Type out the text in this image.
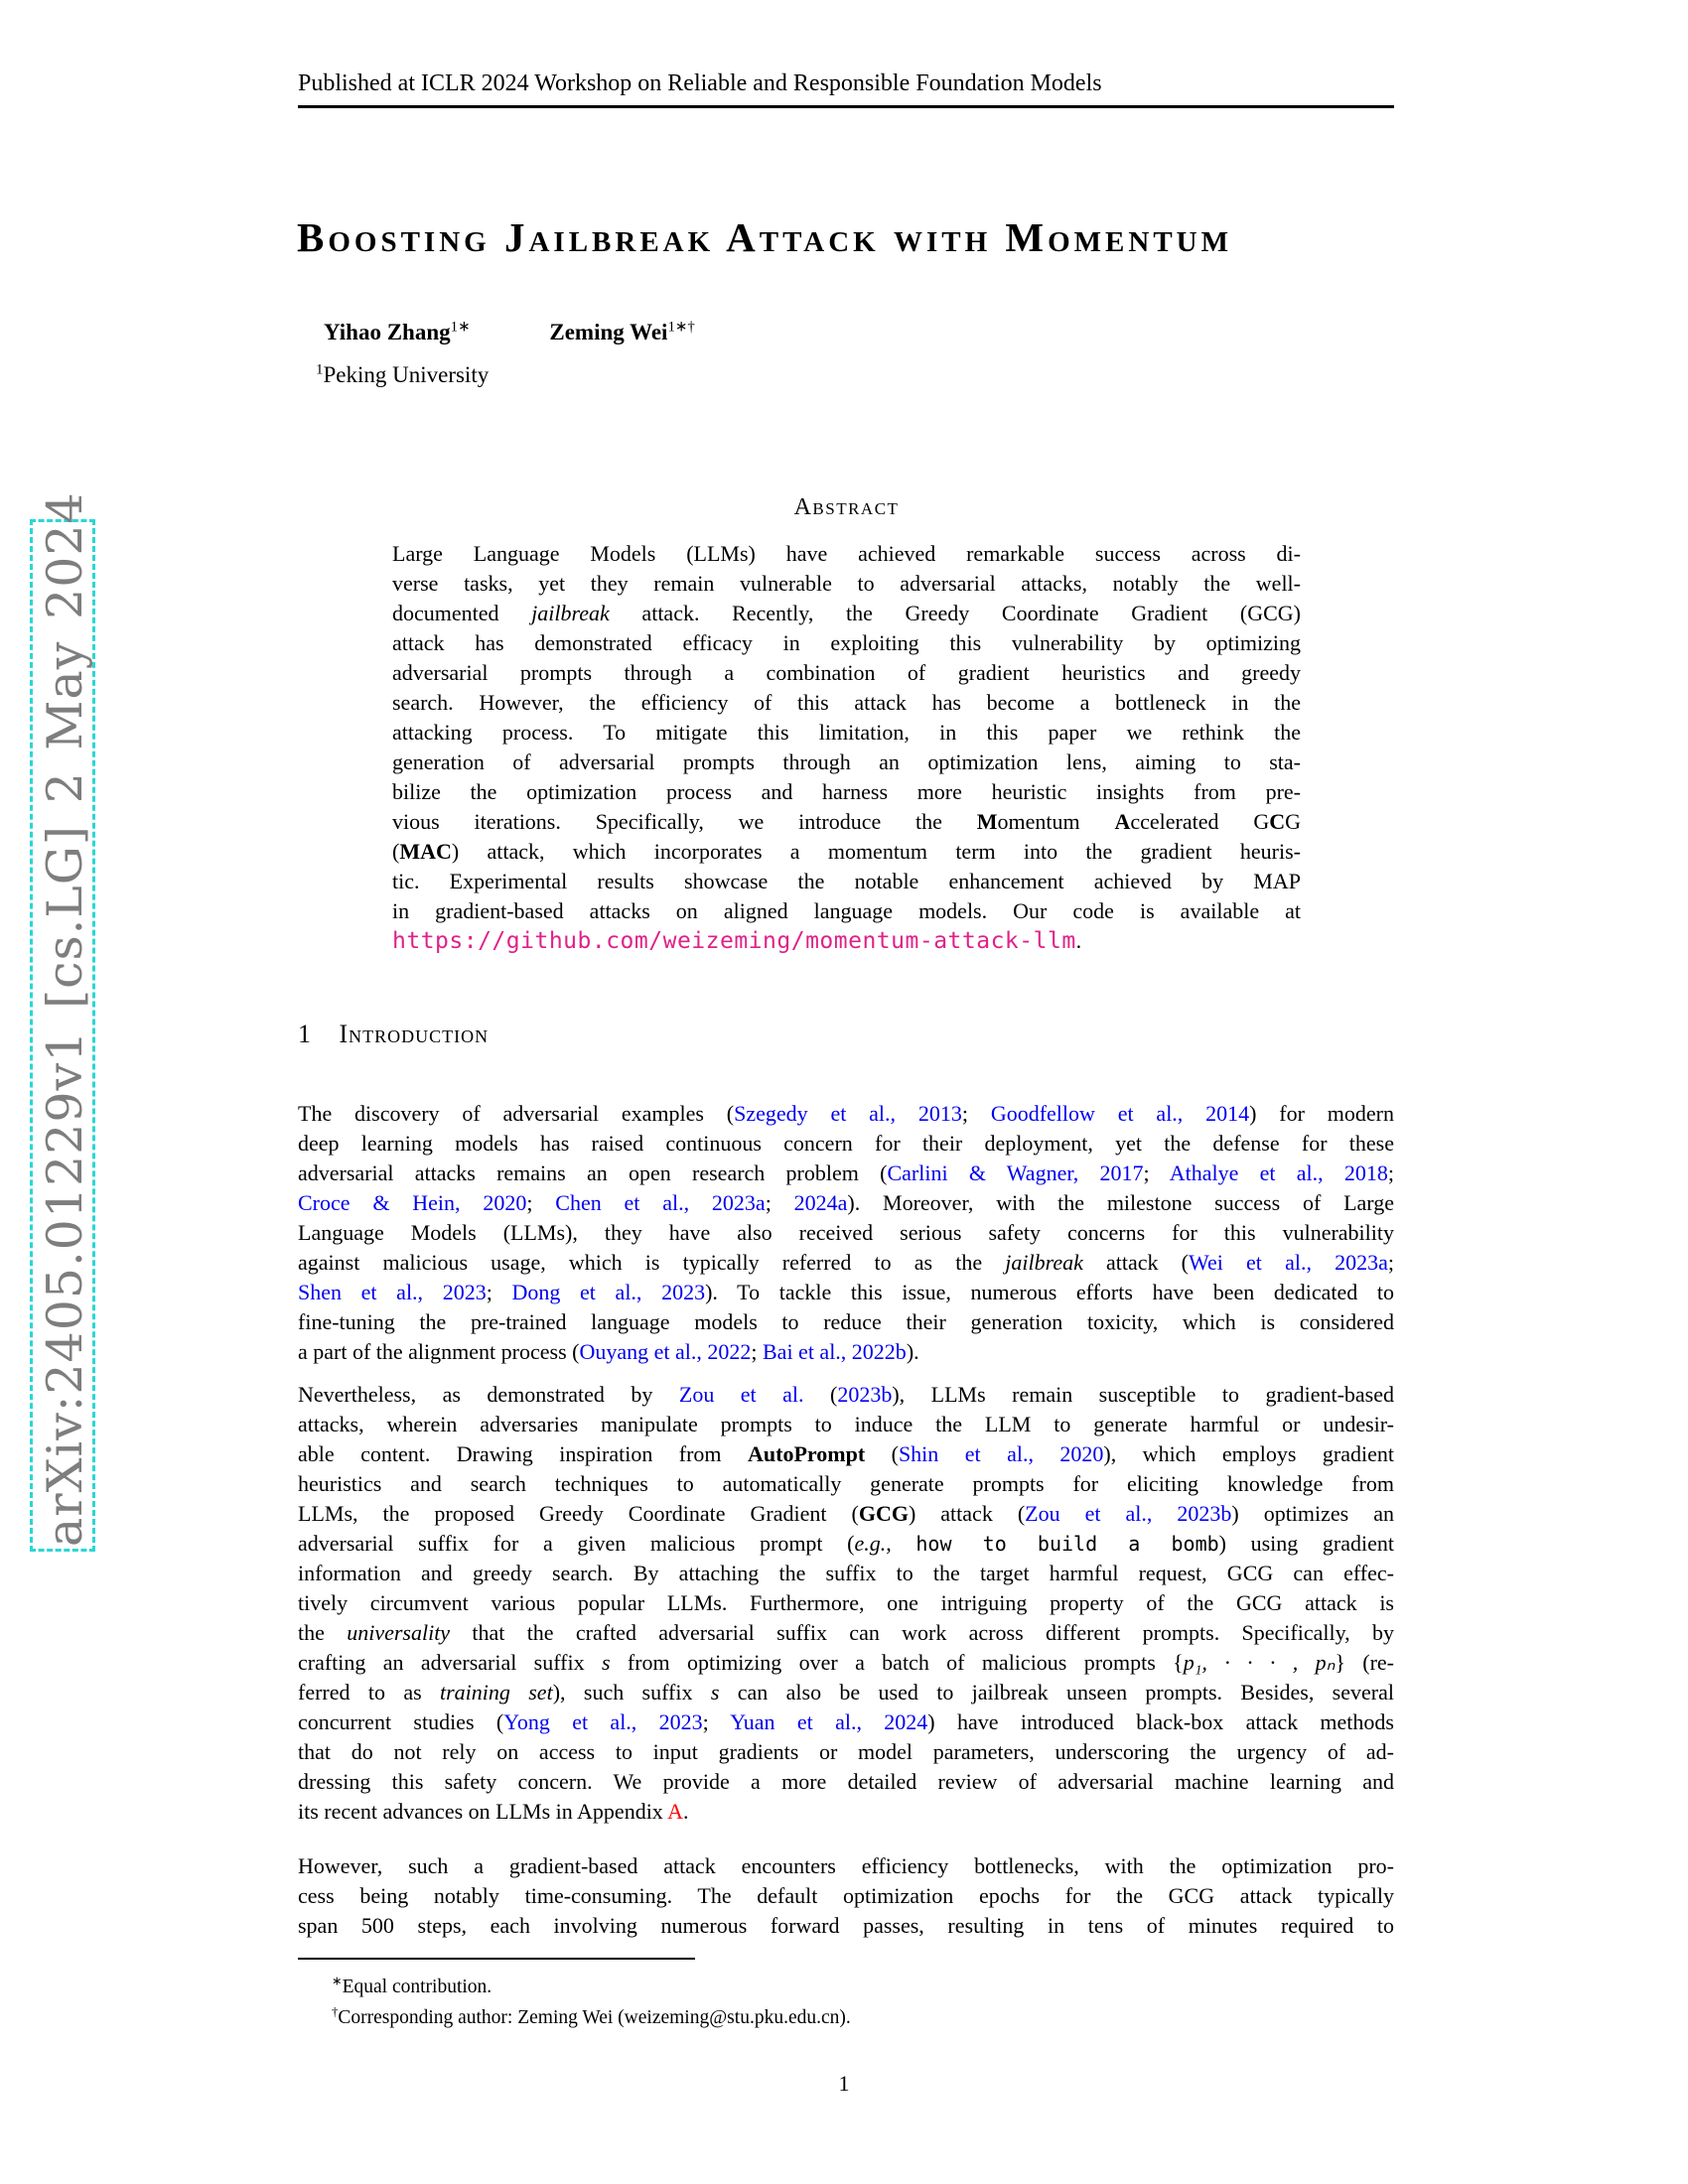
Published at ICLR 2024 Workshop on Reliable and Responsible Foundation Models
Boosting Jailbreak Attack with Momentum
Yihao Zhang$^{1∗}$	Zeming Wei$^{1∗\dagger}$
$^1$Peking University
arXiv:2405.01229v1 [cs.LG] 2 May 2024	Abstract
Large Language Models (LLMs) have achieved remarkable success across di-
verse tasks, yet they remain vulnerable to adversarial attacks, notably the well-
documented jailbreak attack. Recently, the Greedy Coordinate Gradient (GCG)
attack has demonstrated efficacy in exploiting this vulnerability by optimizing
adversarial prompts through a combination of gradient heuristics and greedy
search. However, the efficiency of this attack has become a bottleneck in the
attacking process. To mitigate this limitation, in this paper we rethink the
generation of adversarial prompts through an optimization lens, aiming to sta-
bilize the optimization process and harness more heuristic insights from pre-
vious iterations. Specifically, we introduce the Momentum Accelerated GCG
(MAC) attack, which incorporates a momentum term into the gradient heuris-
tic. Experimental results showcase the notable enhancement achieved by MAP
in gradient-based attacks on aligned language models. Our code is available at
https://github.com/weizeming/momentum-attack-llm.
1 Introduction
The discovery of adversarial examples (Szegedy et al., 2013; Goodfellow et al., 2014) for modern
deep learning models has raised continuous concern for their deployment, yet the defense for these
adversarial attacks remains an open research problem (Carlini & Wagner, 2017; Athalye et al., 2018;
Croce & Hein, 2020; Chen et al., 2023a; 2024a). Moreover, with the milestone success of Large
Language Models (LLMs), they have also received serious safety concerns for this vulnerability
against malicious usage, which is typically referred to as the jailbreak attack (Wei et al., 2023a;
Shen et al., 2023; Dong et al., 2023). To tackle this issue, numerous efforts have been dedicated to
fine-tuning the pre-trained language models to reduce their generation toxicity, which is considered
a part of the alignment process (Ouyang et al., 2022; Bai et al., 2022b).
Nevertheless, as demonstrated by Zou et al. (2023b), LLMs remain susceptible to gradient-based
attacks, wherein adversaries manipulate prompts to induce the LLM to generate harmful or undesir-
able content. Drawing inspiration from AutoPrompt (Shin et al., 2020), which employs gradient
heuristics and search techniques to automatically generate prompts for eliciting knowledge from
LLMs, the proposed Greedy Coordinate Gradient (GCG) attack (Zou et al., 2023b) optimizes an
adversarial suffix for a given malicious prompt (e.g., how to build a bomb) using gradient
information and greedy search. By attaching the suffix to the target harmful request, GCG can effec-
tively circumvent various popular LLMs. Furthermore, one intriguing property of the GCG attack is
the universality that the crafted adversarial suffix can work across different prompts. Specifically, by
crafting an adversarial suffix s from optimizing over a batch of malicious prompts {p₁, · · · , pₙ} (re-
ferred to as training set), such suffix s can also be used to jailbreak unseen prompts. Besides, several
concurrent studies (Yong et al., 2023; Yuan et al., 2024) have introduced black-box attack methods
that do not rely on access to input gradients or model parameters, underscoring the urgency of ad-
dressing this safety concern. We provide a more detailed review of adversarial machine learning and
its recent advances on LLMs in Appendix A.
However, such a gradient-based attack encounters efficiency bottlenecks, with the optimization pro-
cess being notably time-consuming. The default optimization epochs for the GCG attack typically
span 500 steps, each involving numerous forward passes, resulting in tens of minutes required to
∗Equal contribution.
†Corresponding author: Zeming Wei (weizeming@stu.pku.edu.cn).
1
